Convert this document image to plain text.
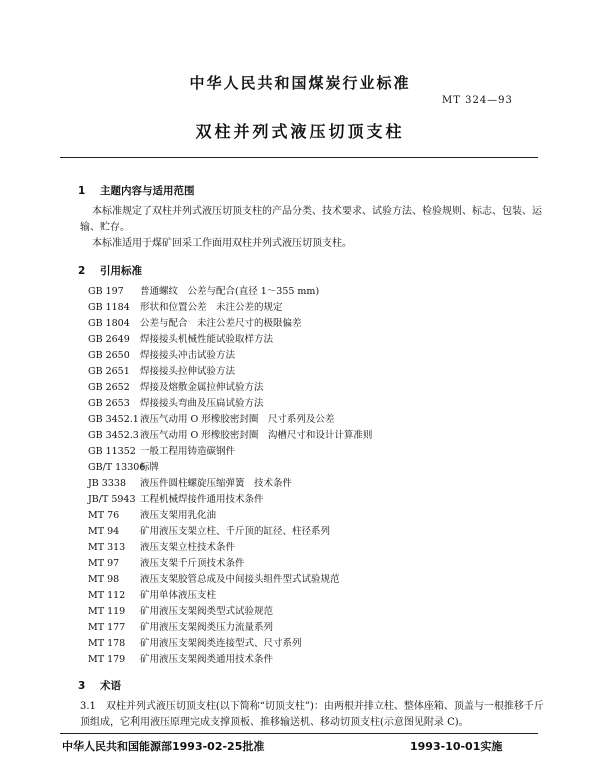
中华人民共和国煤炭行业标准
MT 324—93
双柱并列式液压切顶支柱
1 主题内容与适用范围
本标准规定了双柱并列式液压切顶支柱的产品分类、技术要求、试验方法、检验规则、标志、包装、运输、贮存。
本标准适用于煤矿回采工作面用双柱并列式液压切顶支柱。
2 引用标准
GB 197 普通螺纹　公差与配合(直径 1～355 mm)
GB 1184 形状和位置公差　未注公差的规定
GB 1804 公差与配合　未注公差尺寸的极限偏差
GB 2649 焊接接头机械性能试验取样方法
GB 2650 焊接接头冲击试验方法
GB 2651 焊接接头拉伸试验方法
GB 2652 焊接及熔敷金属拉伸试验方法
GB 2653 焊接接头弯曲及压扁试验方法
GB 3452.1液压气动用 O 形橡胶密封圈　尺寸系列及公差
GB 3452.3液压气动用 O 形橡胶密封圈　沟槽尺寸和设计计算准则
GB 11352 一般工程用铸造碳钢件
GB/T 13306标牌
JB 3338 液压件圆柱螺旋压缩弹簧　技术条件
JB/T 5943 工程机械焊接件通用技术条件
MT 76 液压支架用乳化油
MT 94 矿用液压支架立柱、千斤顶的缸径、柱径系列
MT 313 液压支架立柱技术条件
MT 97 液压支架千斤顶技术条件
MT 98 液压支架胶管总成及中间接头组件型式试验规范
MT 112 矿用单体液压支柱
MT 119 矿用液压支架阀类型式试验规范
MT 177 矿用液压支架阀类压力流量系列
MT 178 矿用液压支架阀类连接型式、尺寸系列
MT 179 矿用液压支架阀类通用技术条件
3 术语
3.1　双柱并列式液压切顶支柱(以下简称“切顶支柱”)：由两根并排立柱、整体座箱、顶盖与一根推移千斤顶组成，它利用液压原理完成支撑顶板、推移输送机、移动切顶支柱(示意图见附录 C)。
中华人民共和国能源部1993-02-25批准	1993-10-01实施
